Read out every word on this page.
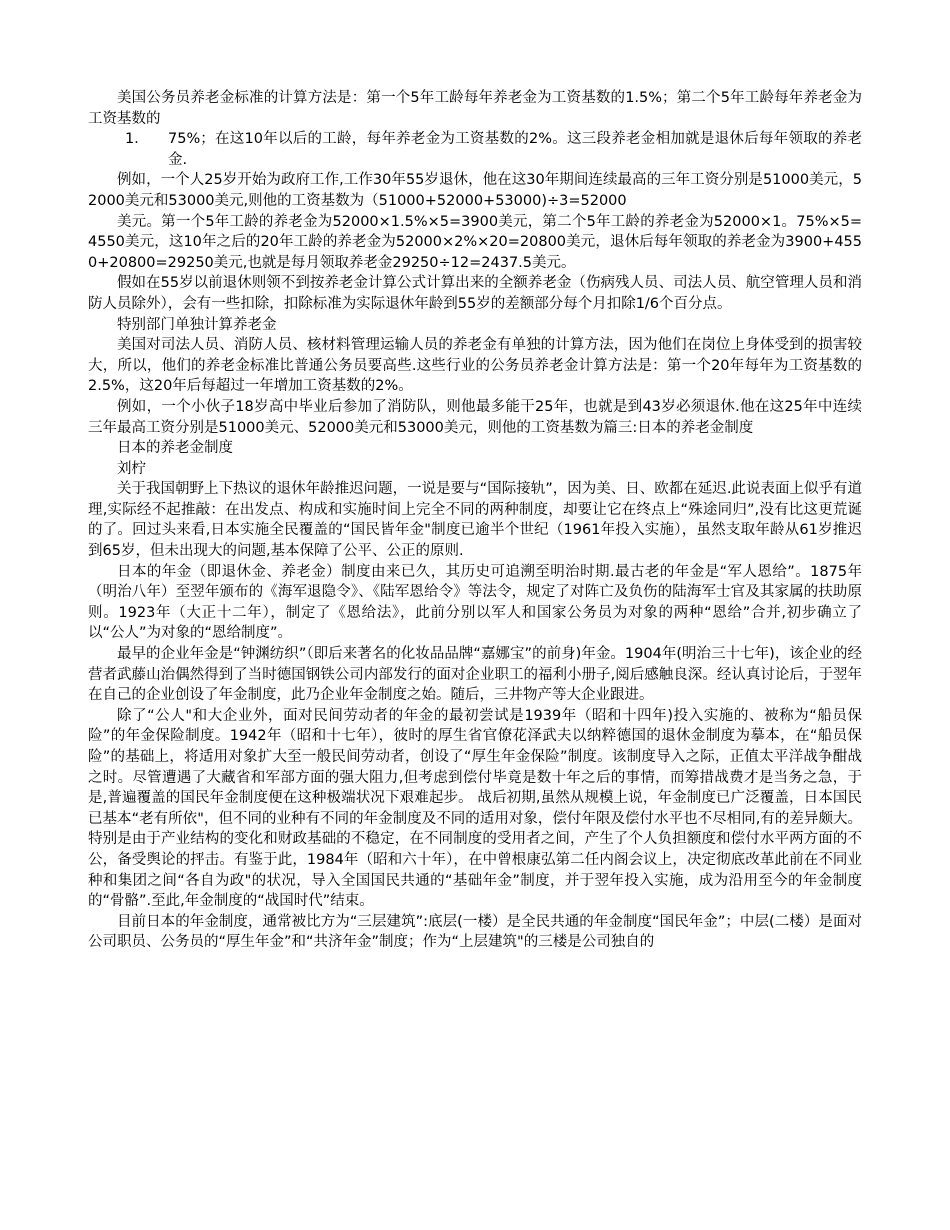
美国公务员养老金标准的计算方法是：第一个5年工龄每年养老金为工资基数的1.5%；第二个5年工龄每年养老金为工资基数的

1． 75%；在这10年以后的工龄，每年养老金为工资基数的2%。这三段养老金相加就是退休后每年领取的养老金.

例如，一个人25岁开始为政府工作,工作30年55岁退休，他在这30年期间连续最高的三年工资分别是51000美元，52000美元和53000美元,则他的工资基数为（51000+52000+53000)÷3=52000

美元。第一个5年工龄的养老金为52000×1.5%×5=3900美元，第二个5年工龄的养老金为52000×1。75%×5=4550美元，这10年之后的20年工龄的养老金为52000×2%×20=20800美元，退休后每年领取的养老金为3900+4550+20800=29250美元,也就是每月领取养老金29250÷12=2437.5美元。

假如在55岁以前退休则领不到按养老金计算公式计算出来的全额养老金（伤病残人员、司法人员、航空管理人员和消防人员除外），会有一些扣除，扣除标准为实际退休年龄到55岁的差额部分每个月扣除1/6个百分点。

特别部门单独计算养老金

美国对司法人员、消防人员、核材料管理运输人员的养老金有单独的计算方法，因为他们在岗位上身体受到的损害较大，所以，他们的养老金标准比普通公务员要高些.这些行业的公务员养老金计算方法是：第一个20年每年为工资基数的2.5%，这20年后每超过一年增加工资基数的2%。

例如，一个小伙子18岁高中毕业后参加了消防队，则他最多能干25年，也就是到43岁必须退休.他在这25年中连续三年最高工资分别是51000美元、52000美元和53000美元，则他的工资基数为篇三:日本的养老金制度

日本的养老金制度

刘柠

关于我国朝野上下热议的退休年龄推迟问题，一说是要与“国际接轨”，因为美、日、欧都在延迟.此说表面上似乎有道理,实际经不起推敲：在出发点、构成和实施时间上完全不同的两种制度，却要让它在终点上“殊途同归”,没有比这更荒诞的了。回过头来看,日本实施全民覆盖的“国民皆年金"制度已逾半个世纪（1961年投入实施），虽然支取年龄从61岁推迟到65岁，但未出现大的问题,基本保障了公平、公正的原则.

日本的年金（即退休金、养老金）制度由来已久，其历史可追溯至明治时期.最古老的年金是“军人恩给”。1875年（明治八年）至翌年颁布的《海军退隐令》、《陆军恩给令》等法令，规定了对阵亡及负伤的陆海军士官及其家属的扶助原则。1923年（大正十二年），制定了《恩给法》，此前分别以军人和国家公务员为对象的两种“恩给”合并,初步确立了以“公人”为对象的“恩给制度”。

最早的企业年金是“钟渊纺织”（即后来著名的化妆品品牌“嘉娜宝”的前身)年金。1904年(明治三十七年)，该企业的经营者武藤山治偶然得到了当时德国钢铁公司内部发行的面对企业职工的福利小册子,阅后感触良深。经认真讨论后，于翌年在自己的企业创设了年金制度，此乃企业年金制度之始。随后，三井物产等大企业跟进。

除了“公人"和大企业外，面对民间劳动者的年金的最初尝试是1939年（昭和十四年)投入实施的、被称为“船员保险”的年金保险制度。1942年（昭和十七年），彼时的厚生省官僚花泽武夫以纳粹德国的退休金制度为摹本，在“船员保险”的基础上，将适用对象扩大至一般民间劳动者，创设了“厚生年金保险”制度。该制度导入之际，正值太平洋战争酣战之时。尽管遭遇了大藏省和军部方面的强大阻力,但考虑到偿付毕竟是数十年之后的事情，而筹措战费才是当务之急，于是,普遍覆盖的国民年金制度便在这种极端状况下艰难起步。 战后初期,虽然从规模上说，年金制度已广泛覆盖，日本国民已基本“老有所依"，但不同的业种有不同的年金制度及不同的适用对象，偿付年限及偿付水平也不尽相同,有的差异颇大。特别是由于产业结构的变化和财政基础的不稳定，在不同制度的受用者之间，产生了个人负担额度和偿付水平两方面的不公，备受舆论的抨击。有鉴于此，1984年（昭和六十年），在中曾根康弘第二任内阁会议上，决定彻底改革此前在不同业种和集团之间“各自为政"的状况，导入全国国民共通的“基础年金”制度，并于翌年投入实施，成为沿用至今的年金制度的“骨骼”.至此,年金制度的“战国时代”结束。

目前日本的年金制度，通常被比方为“三层建筑”:底层(一楼）是全民共通的年金制度“国民年金”；中层(二楼）是面对公司职员、公务员的“厚生年金”和“共济年金”制度；作为“上层建筑"的三楼是公司独自的
